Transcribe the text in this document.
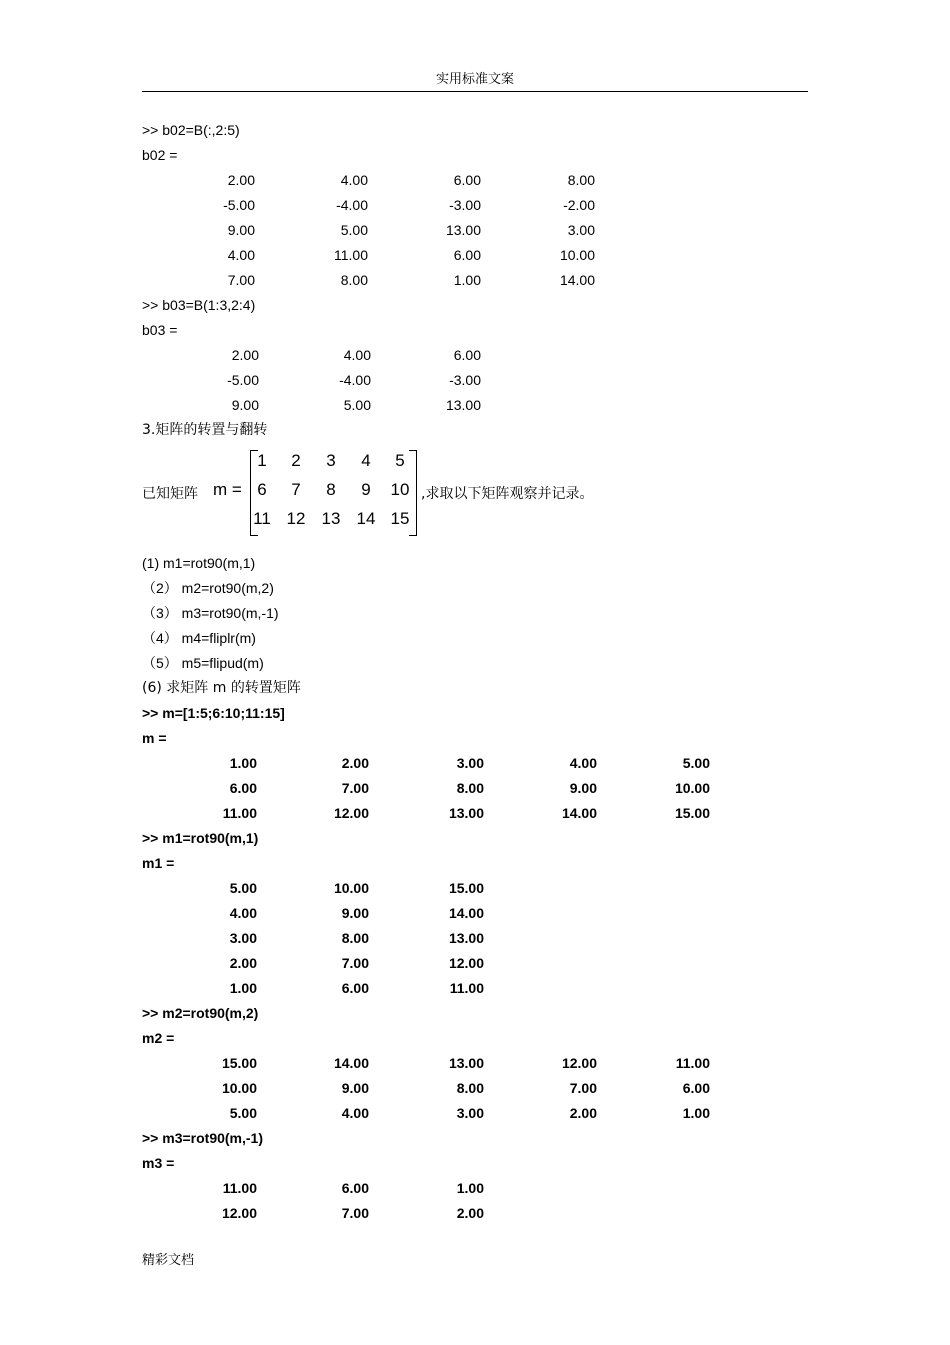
实用标准文案
>> b02=B(:,2:5)
b02 =
2.00	4.00	6.00	8.00
-5.00	-4.00	-3.00	-2.00
9.00	5.00	13.00	3.00
4.00	11.00	6.00	10.00
7.00	8.00	1.00	14.00
>> b03=B(1:3,2:4)
b03 =
2.00	4.00	6.00
-5.00	-4.00	-3.00
9.00	5.00	13.00
3.矩阵的转置与翻转
已知矩阵 m =
1	2	3	4	5
6	7	8	9	10
11 12 13 14 15
,求取以下矩阵观察并记录。
(1) m1=rot90(m,1)
（2） m2=rot90(m,2)
（3） m3=rot90(m,-1)
（4） m4=fliplr(m)
（5） m5=flipud(m)
(6) 求矩阵 m 的转置矩阵
>> m=[1:5;6:10;11:15]
m =
1.00	2.00	3.00	4.00	5.00
6.00	7.00	8.00	9.00	10.00
11.00	12.00	13.00	14.00	15.00
>> m1=rot90(m,1)
m1 =
5.00	10.00	15.00
4.00	9.00	14.00
3.00	8.00	13.00
2.00	7.00	12.00
1.00	6.00	11.00
>> m2=rot90(m,2)
m2 =
15.00	14.00	13.00	12.00	11.00
10.00	9.00	8.00	7.00	6.00
5.00	4.00	3.00	2.00	1.00
>> m3=rot90(m,-1)
m3 =
11.00	6.00	1.00
12.00	7.00	2.00
精彩文档
